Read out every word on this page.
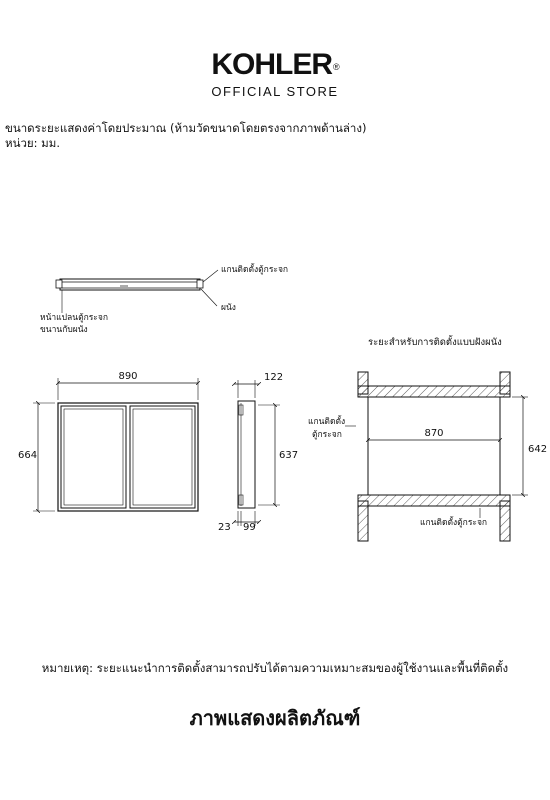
KOHLER®
OFFICIAL STORE
ขนาดระยะแสดงค่าโดยประมาณ (ห้ามวัดขนาดโดยตรงจากภาพด้านล่าง)
หน่วย: มม.
แกนติดตั้งตู้กระจก
ผนัง
หน้าแปลนตู้กระจก
ขนานกับผนัง
890
664
122
637
23 99
ระยะสำหรับการติดตั้งแบบฝังผนัง
870
642
แกนติดตั้ง
ตู้กระจก
แกนติดตั้งตู้กระจก
หมายเหตุ: ระยะแนะนำการติดตั้งสามารถปรับได้ตามความเหมาะสมของผู้ใช้งานและพื้นที่ติดตั้ง
ภาพแสดงผลิตภัณฑ์
